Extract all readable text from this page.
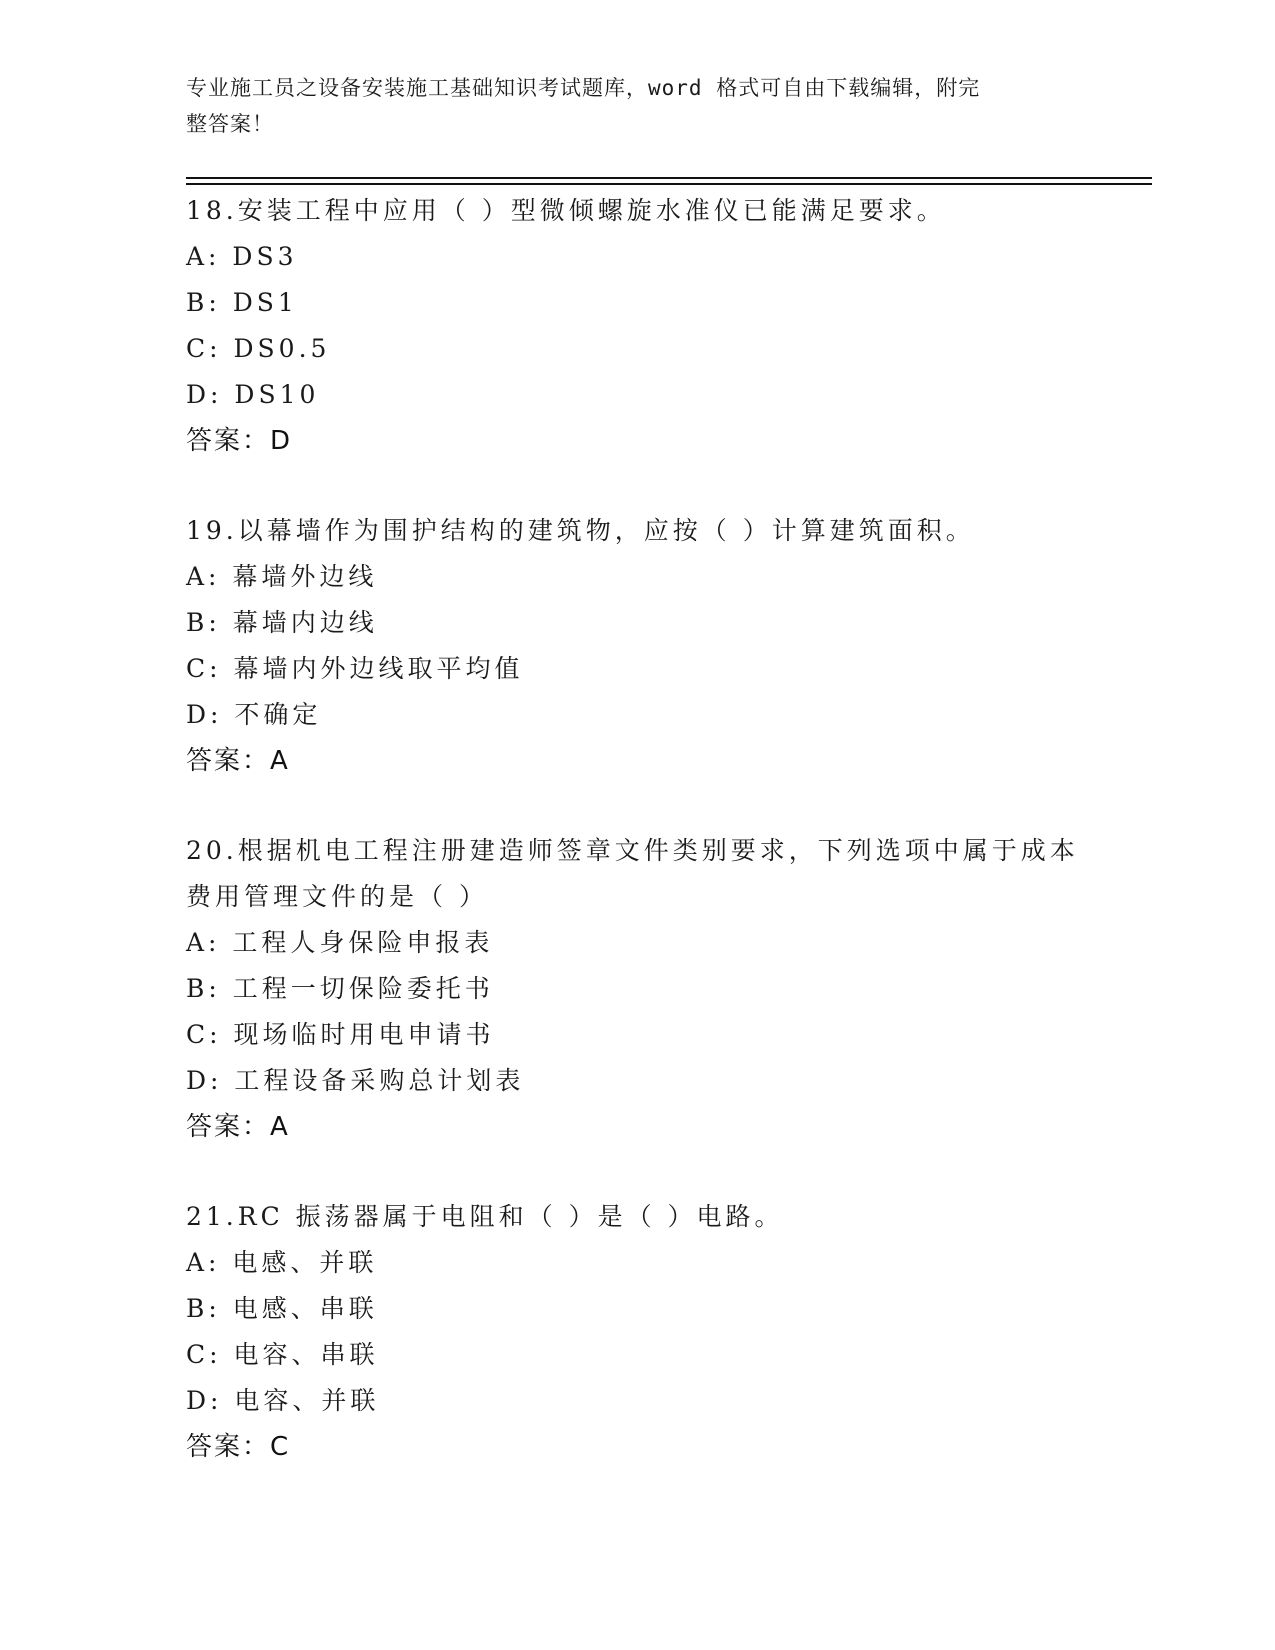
专业施工员之设备安装施工基础知识考试题库，word 格式可自由下载编辑，附完
整答案！
18.安装工程中应用（ ）型微倾螺旋水准仪已能满足要求。
A: DS3
B: DS1
C: DS0.5
D: DS10
答案：D
19.以幕墙作为围护结构的建筑物，应按（ ）计算建筑面积。
A: 幕墙外边线
B: 幕墙内边线
C: 幕墙内外边线取平均值
D: 不确定
答案：A
20.根据机电工程注册建造师签章文件类别要求，下列选项中属于成本
费用管理文件的是（ ）
A: 工程人身保险申报表
B: 工程一切保险委托书
C: 现场临时用电申请书
D: 工程设备采购总计划表
答案：A
21.RC 振荡器属于电阻和（ ）是（ ）电路。
A: 电感、并联
B: 电感、串联
C: 电容、串联
D: 电容、并联
答案：C
